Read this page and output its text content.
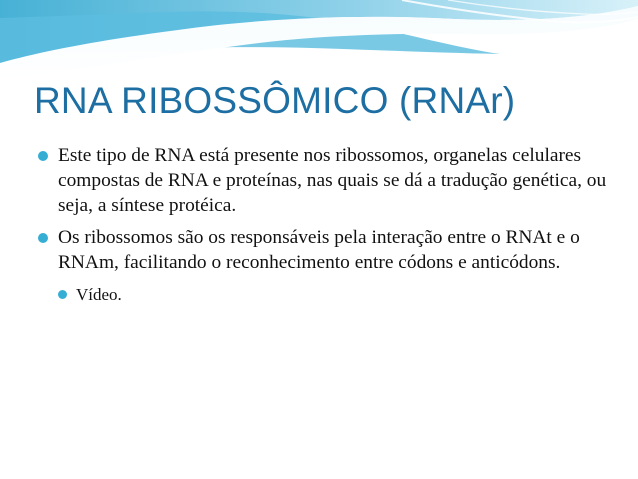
RNA RIBOSSÔMICO (RNAr)
Este tipo de RNA está presente nos ribossomos, organelas celulares compostas de RNA e proteínas, nas quais se dá a tradução genética, ou seja, a síntese protéica.
Os ribossomos são os responsáveis pela interação entre o RNAt e o RNAm, facilitando o reconhecimento entre códons e anticódons.
Vídeo.
